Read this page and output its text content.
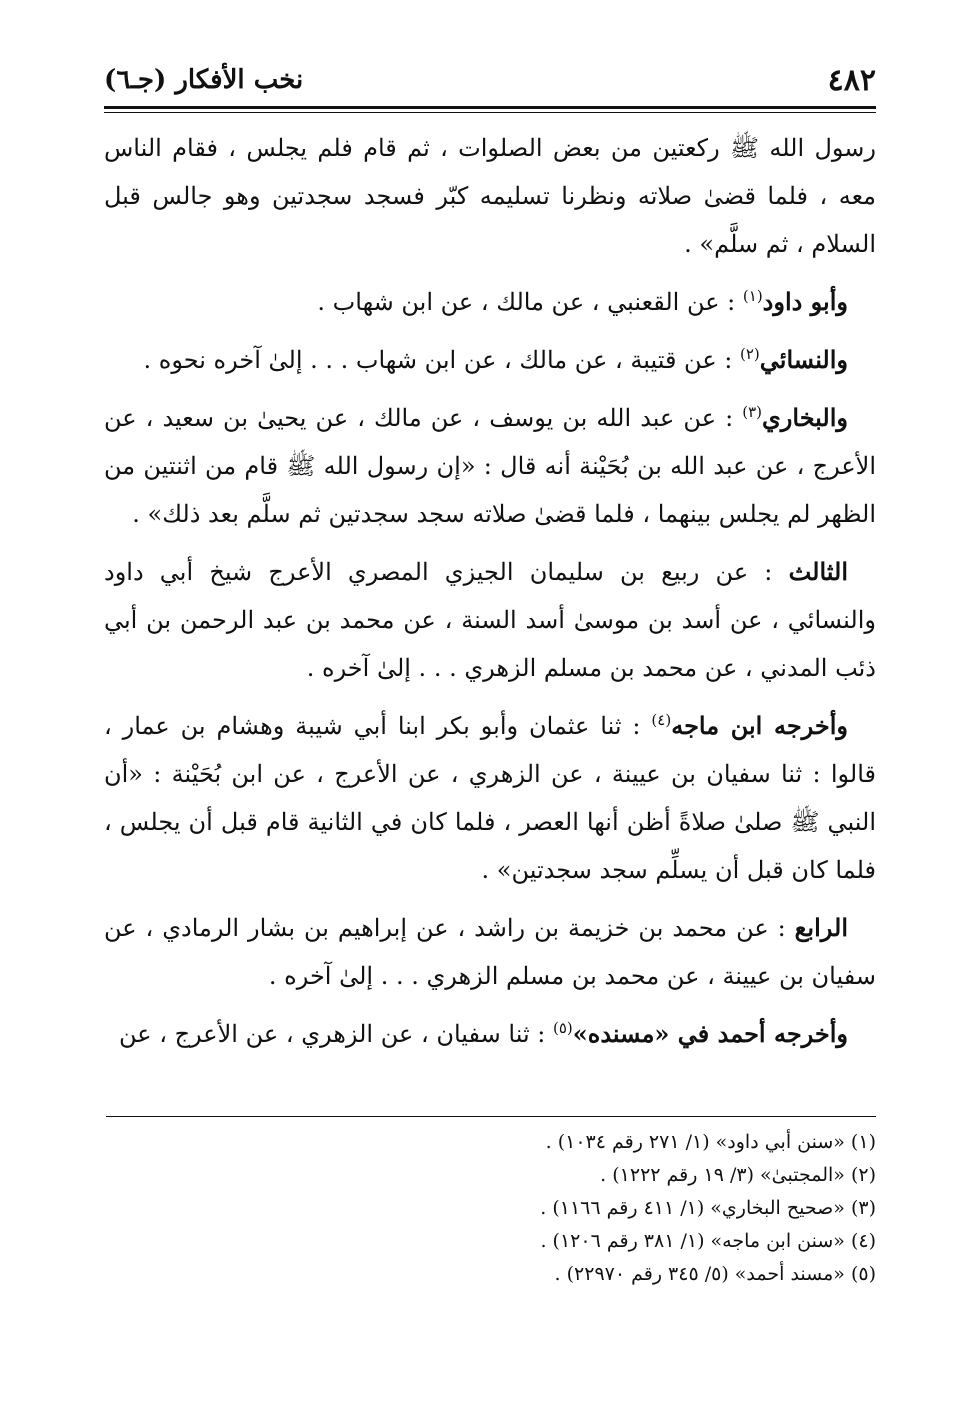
٤٨٢
نخب الأفكار (جـ٦)

رسول الله ﷺ ركعتين من بعض الصلوات ، ثم قام فلم يجلس ، فقام الناس معه ، فلما قضىٰ صلاته ونظرنا تسليمه كبّر فسجد سجدتين وهو جالس قبل السلام ، ثم سلَّم» .

وأبو داود$^{(١)}$ : عن القعنبي ، عن مالك ، عن ابن شهاب .

والنسائي$^{(٢)}$ : عن قتيبة ، عن مالك ، عن ابن شهاب . . . إلىٰ آخره نحوه .

والبخاري$^{(٣)}$ : عن عبد الله بن يوسف ، عن مالك ، عن يحيىٰ بن سعيد ، عن الأعرج ، عن عبد الله بن بُحَيْنة أنه قال : «إن رسول الله ﷺ قام من اثنتين من الظهر لم يجلس بينهما ، فلما قضىٰ صلاته سجد سجدتين ثم سلَّم بعد ذلك» .

الثالث : عن ربيع بن سليمان الجيزي المصري الأعرج شيخ أبي داود والنسائي ، عن أسد بن موسىٰ أسد السنة ، عن محمد بن عبد الرحمن بن أبي ذئب المدني ، عن محمد بن مسلم الزهري . . . إلىٰ آخره .

وأخرجه ابن ماجه$^{(٤)}$ : ثنا عثمان وأبو بكر ابنا أبي شيبة وهشام بن عمار ، قالوا : ثنا سفيان بن عيينة ، عن الزهري ، عن الأعرج ، عن ابن بُحَيْنة : «أن النبي ﷺ صلىٰ صلاةً أظن أنها العصر ، فلما كان في الثانية قام قبل أن يجلس ، فلما كان قبل أن يسلِّم سجد سجدتين» .

الرابع : عن محمد بن خزيمة بن راشد ، عن إبراهيم بن بشار الرمادي ، عن سفيان بن عيينة ، عن محمد بن مسلم الزهري . . . إلىٰ آخره .

وأخرجه أحمد في «مسنده»$^{(٥)}$ : ثنا سفيان ، عن الزهري ، عن الأعرج ، عن

(١) «سنن أبي داود» (١/ ٢٧١ رقم ١٠٣٤) .

(٢) «المجتبىٰ» (٣/ ١٩ رقم ١٢٢٢) .

(٣) «صحيح البخاري» (١/ ٤١١ رقم ١١٦٦) .

(٤) «سنن ابن ماجه» (١/ ٣٨١ رقم ١٢٠٦) .

(٥) «مسند أحمد» (٥/ ٣٤٥ رقم ٢٢٩٧٠) .
